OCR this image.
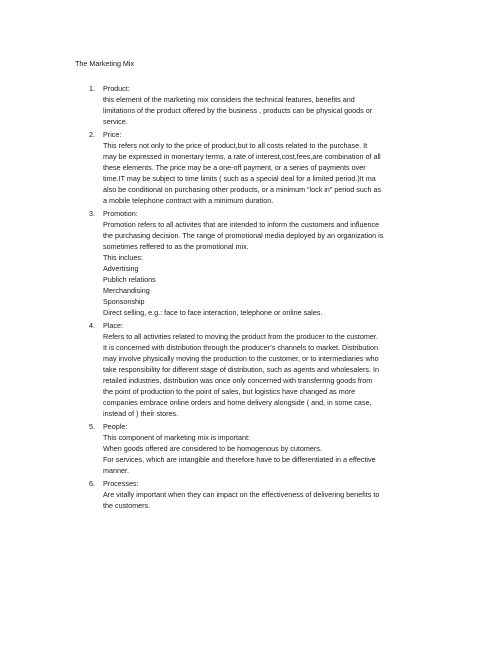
The Marketing Mix
1. Product:
this element of the marketing mix considers the technical features, benefits and
limitations of the product offered by the business , products can be physical goods or
service.
2. Price:
This refers not only to the price of product,but to all costs related to the purchase. It
may be expressed in monertary terms, a rate of interest,cost,fees,are combination of all
these elements. The price may be a one-off payment, or a series of payments over
time.IT may be subject to time limits ( such as a special deal for a limited period.)It ma
also be conditional on purchasing other products, or a minimum “lock in” period such as
a mobile telephone contract with a minimum duration.
3. Promotion:
Promotion refers to all activites that are intended to inform the customers and influence
the purchasing decision. The range of promotional media deployed by an organization is
sometimes reffered to as the promotional mix.
This inclues:
Advertising
Publich relations
Merchandising
Sponsonship
Direct selling, e.g.: face to face interaction, telephone or online sales.
4. Place:
Refers to all activities related to moving the product from the producer to the customer.
It is concerned with distribution through the producer’s channels to market. Distribution
may involve physically moving the production to the customer, or to intermediaries who
take responsibility for different stage of distribution, such as agents and wholesalers. In
retailed industries, distribution was once only concerned with transferring goods from
the point of production to the point of sales, but logistics have changed as more
companies embrace online orders and home delivery alongside ( and, in some case,
instead of ) their stores.
5. People:
This component of marketing mix is important:
When goods offered are considered to be homogenous by cutomers.
For services, which are intangible and therefore have to be differentiated in a effective
manner.
6. Processes:
Are vitally important when they can impact on the effectiveness of delivering benefits to
the customers.
